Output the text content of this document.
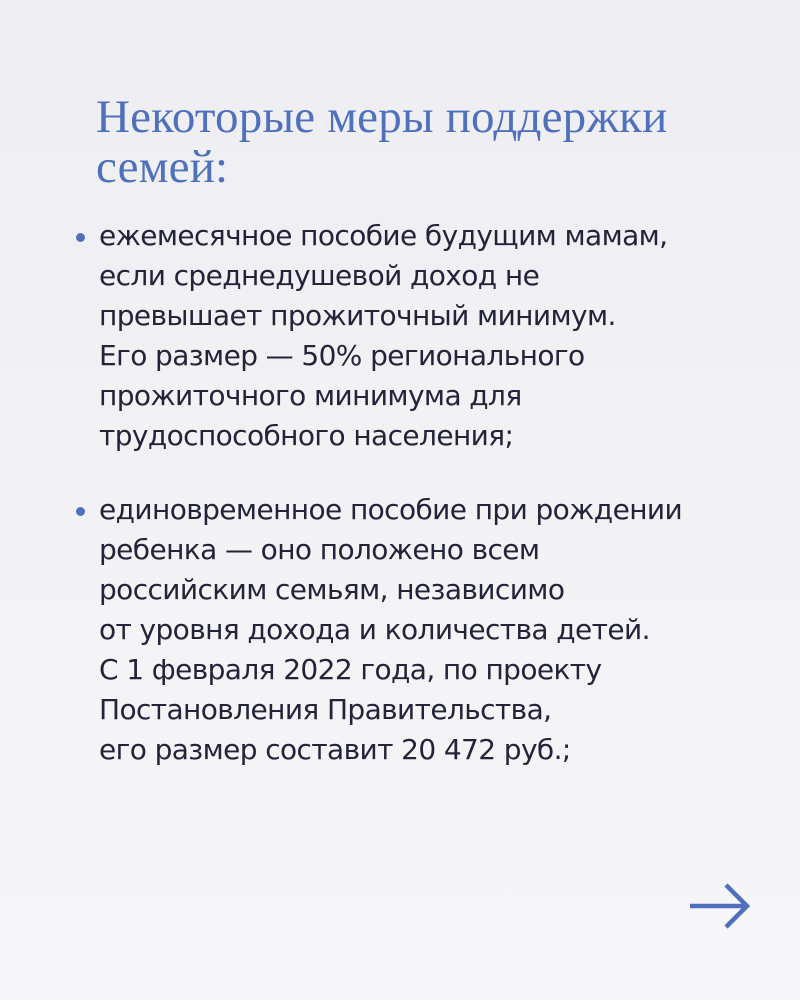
Некоторые меры поддержки
семей:
ежемесячное пособие будущим мамам,
если среднедушевой доход не
превышает прожиточный минимум.
Его размер — 50% регионального
прожиточного минимума для
трудоспособного населения;
единовременное пособие при рождении
ребенка — оно положено всем
российским семьям, независимо
от уровня дохода и количества детей.
С 1 февраля 2022 года, по проекту
Постановления Правительства,
его размер составит 20 472 руб.;
